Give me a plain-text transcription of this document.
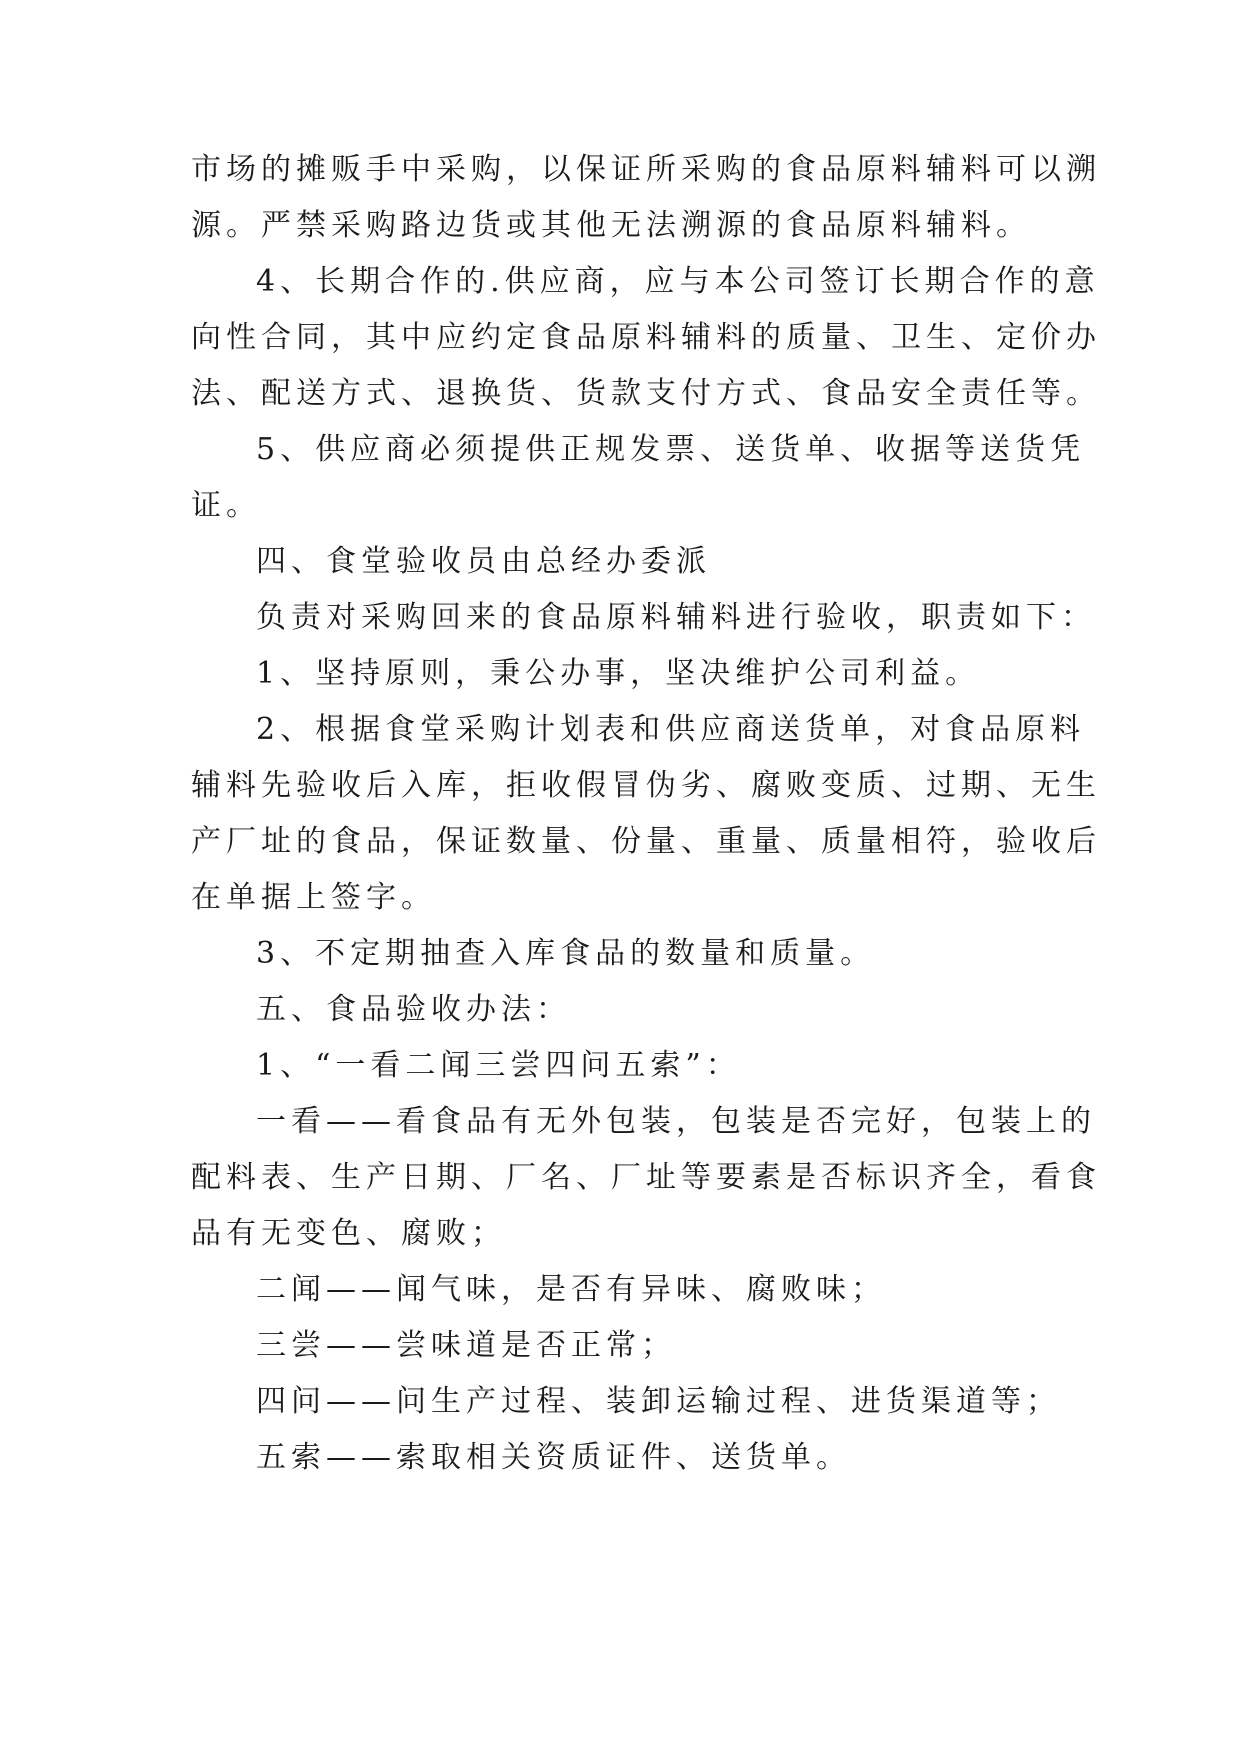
市场的摊贩手中采购，以保证所采购的食品原料辅料可以溯
源。严禁采购路边货或其他无法溯源的食品原料辅料。
4、长期合作的.供应商，应与本公司签订长期合作的意
向性合同，其中应约定食品原料辅料的质量、卫生、定价办
法、配送方式、退换货、货款支付方式、食品安全责任等。
5、供应商必须提供正规发票、送货单、收据等送货凭
证。
四、食堂验收员由总经办委派
负责对采购回来的食品原料辅料进行验收，职责如下：
1、坚持原则，秉公办事，坚决维护公司利益。
2、根据食堂采购计划表和供应商送货单，对食品原料
辅料先验收后入库，拒收假冒伪劣、腐败变质、过期、无生
产厂址的食品，保证数量、份量、重量、质量相符，验收后
在单据上签字。
3、不定期抽查入库食品的数量和质量。
五、食品验收办法：
1、“一看二闻三尝四问五索”：
一看——看食品有无外包装，包装是否完好，包装上的
配料表、生产日期、厂名、厂址等要素是否标识齐全，看食
品有无变色、腐败；
二闻——闻气味，是否有异味、腐败味；
三尝——尝味道是否正常；
四问——问生产过程、装卸运输过程、进货渠道等；
五索——索取相关资质证件、送货单。
